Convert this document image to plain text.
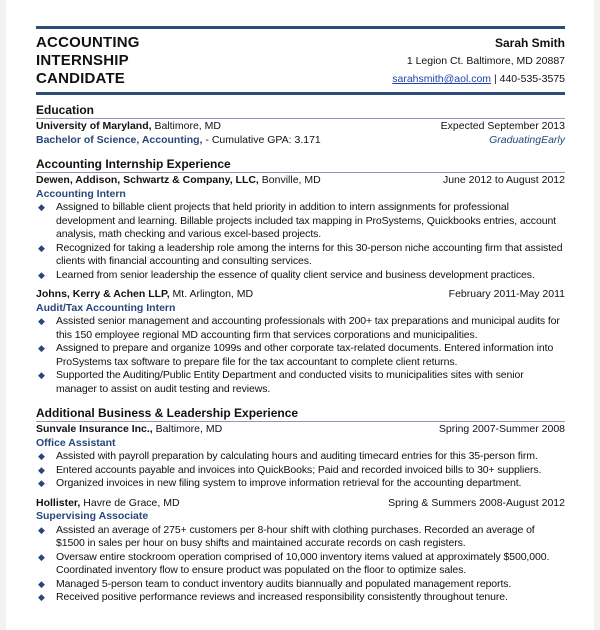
ACCOUNTING
INTERNSHIP
CANDIDATE
Sarah Smith
1 Legion Ct. Baltimore, MD 20887
sarahsmith@aol.com | 440-535-3575
Education
University of Maryland, Baltimore, MD	Expected September 2013
Bachelor of Science, Accounting, - Cumulative GPA: 3.171	GraduatingEarly
Accounting Internship Experience
Dewen, Addison, Schwartz & Company, LLC, Bonville, MD	June 2012 to August 2012
Accounting Intern
◆ Assigned to billable client projects that held priority in addition to intern assignments for professional development and learning. Billable projects included tax mapping in ProSystems, Quickbooks entries, account analysis, math checking and various excel-based projects.
◆ Recognized for taking a leadership role among the interns for this 30-person niche accounting firm that assisted clients with financial accounting and consulting services.
◆ Learned from senior leadership the essence of quality client service and business development practices.
Johns, Kerry & Achen LLP, Mt. Arlington, MD	February 2011-May 2011
Audit/Tax Accounting Intern
◆ Assisted senior management and accounting professionals with 200+ tax preparations and municipal audits for this 150 employee regional MD accounting firm that services corporations and municipalities.
◆ Assigned to prepare and organize 1099s and other corporate tax-related documents. Entered information into ProSystems tax software to prepare file for the tax accountant to complete client returns.
◆ Supported the Auditing/Public Entity Department and conducted visits to municipalities sites with senior manager to assist on audit testing and reviews.
Additional Business & Leadership Experience
Sunvale Insurance Inc., Baltimore, MD	Spring 2007-Summer 2008
Office Assistant
◆ Assisted with payroll preparation by calculating hours and auditing timecard entries for this 35-person firm.
◆ Entered accounts payable and invoices into QuickBooks; Paid and recorded invoiced bills to 30+ suppliers.
◆ Organized invoices in new filing system to improve information retrieval for the accounting department.
Hollister, Havre de Grace, MD	Spring & Summers 2008-August 2012
Supervising Associate
◆ Assisted an average of 275+ customers per 8-hour shift with clothing purchases. Recorded an average of $1500 in sales per hour on busy shifts and maintained accurate records on cash registers.
◆ Oversaw entire stockroom operation comprised of 10,000 inventory items valued at approximately $500,000. Coordinated inventory flow to ensure product was populated on the floor to optimize sales.
◆ Managed 5-person team to conduct inventory audits biannually and populated management reports.
◆ Received positive performance reviews and increased responsibility consistently throughout tenure.
